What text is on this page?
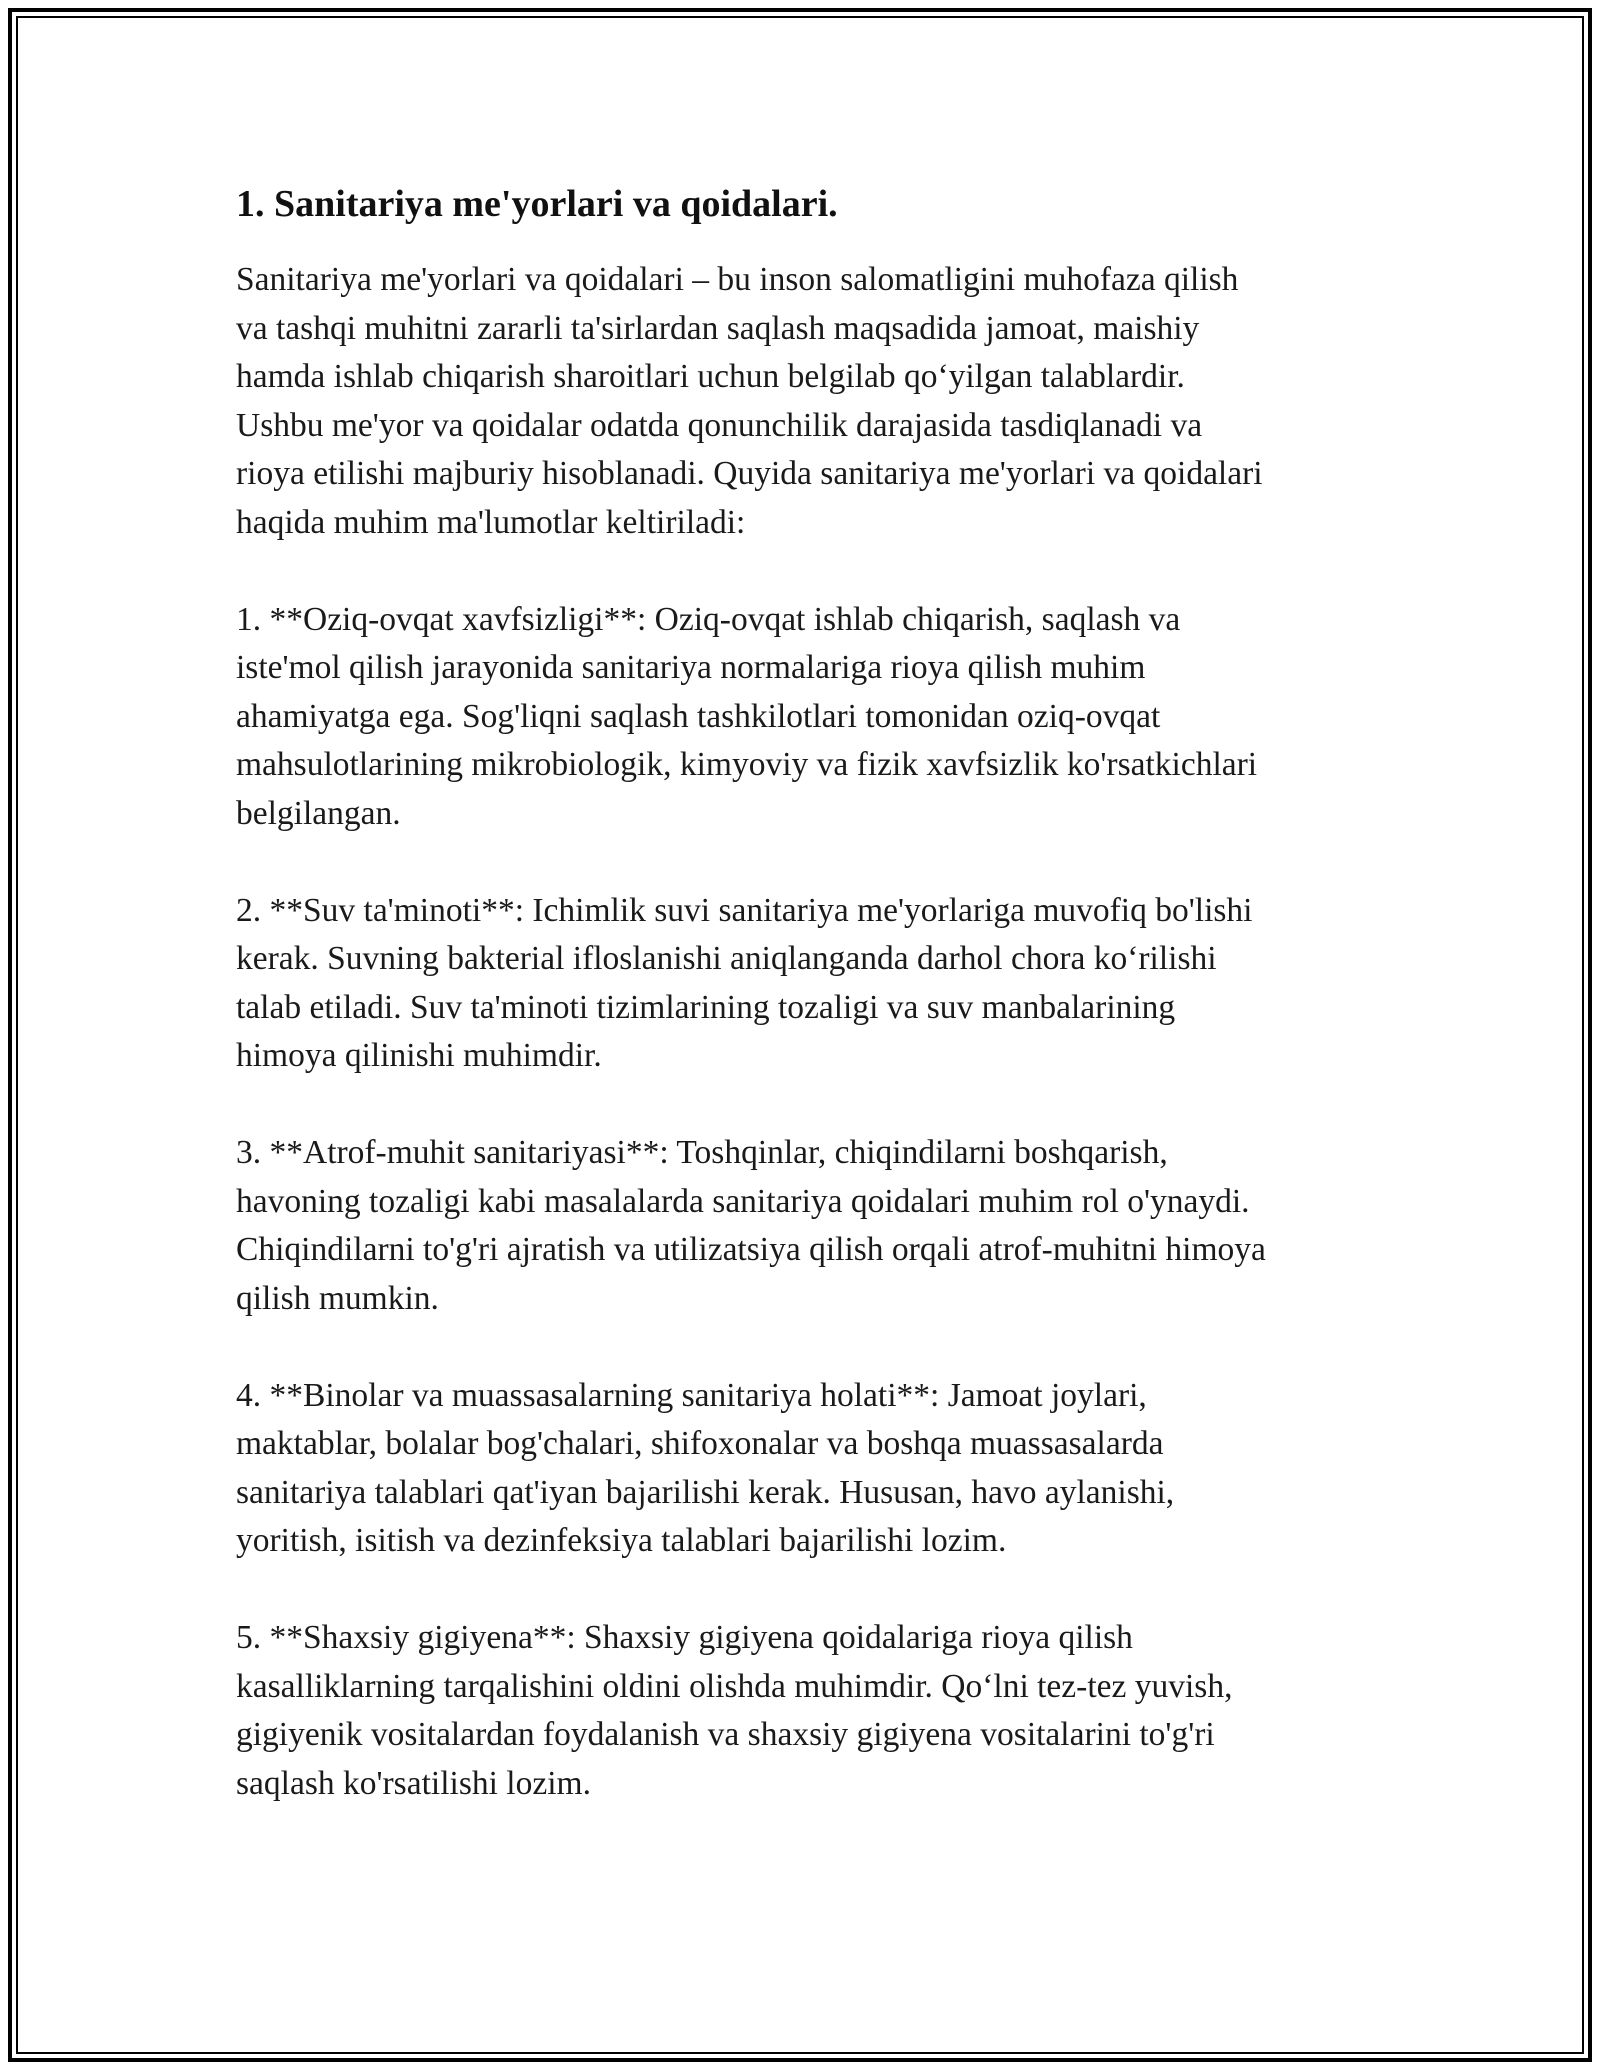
1. Sanitariya me'yorlari va qoidalari.

Sanitariya me'yorlari va qoidalari – bu inson salomatligini muhofaza qilish
va tashqi muhitni zararli ta'sirlardan saqlash maqsadida jamoat, maishiy
hamda ishlab chiqarish sharoitlari uchun belgilab qo‘yilgan talablardir.
Ushbu me'yor va qoidalar odatda qonunchilik darajasida tasdiqlanadi va
rioya etilishi majburiy hisoblanadi. Quyida sanitariya me'yorlari va qoidalari
haqida muhim ma'lumotlar keltiriladi:

1. **Oziq-ovqat xavfsizligi**: Oziq-ovqat ishlab chiqarish, saqlash va
iste'mol qilish jarayonida sanitariya normalariga rioya qilish muhim
ahamiyatga ega. Sog'liqni saqlash tashkilotlari tomonidan oziq-ovqat
mahsulotlarining mikrobiologik, kimyoviy va fizik xavfsizlik ko'rsatkichlari
belgilangan.

2. **Suv ta'minoti**: Ichimlik suvi sanitariya me'yorlariga muvofiq bo'lishi
kerak. Suvning bakterial ifloslanishi aniqlanganda darhol chora ko‘rilishi
talab etiladi. Suv ta'minoti tizimlarining tozaligi va suv manbalarining
himoya qilinishi muhimdir.

3. **Atrof-muhit sanitariyasi**: Toshqinlar, chiqindilarni boshqarish,
havoning tozaligi kabi masalalarda sanitariya qoidalari muhim rol o'ynaydi.
Chiqindilarni to'g'ri ajratish va utilizatsiya qilish orqali atrof-muhitni himoya
qilish mumkin.

4. **Binolar va muassasalarning sanitariya holati**: Jamoat joylari,
maktablar, bolalar bog'chalari, shifoxonalar va boshqa muassasalarda
sanitariya talablari qat'iyan bajarilishi kerak. Hususan, havo aylanishi,
yoritish, isitish va dezinfeksiya talablari bajarilishi lozim.

5. **Shaxsiy gigiyena**: Shaxsiy gigiyena qoidalariga rioya qilish
kasalliklarning tarqalishini oldini olishda muhimdir. Qo‘lni tez-tez yuvish,
gigiyenik vositalardan foydalanish va shaxsiy gigiyena vositalarini to'g'ri
saqlash ko'rsatilishi lozim.
